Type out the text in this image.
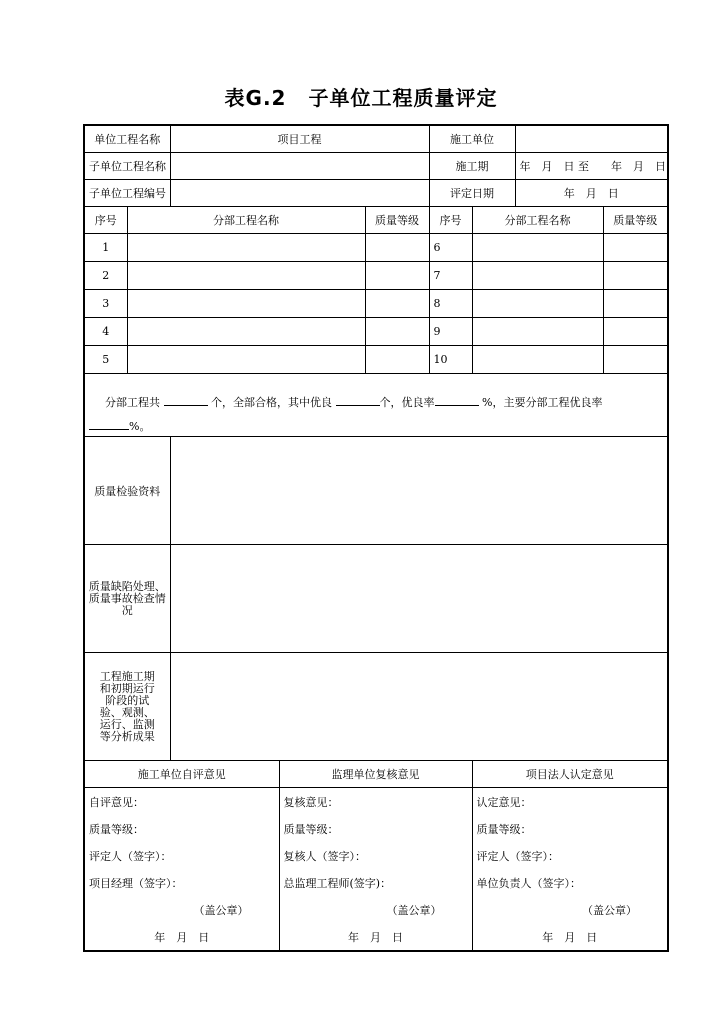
表G.2 子单位工程质量评定
单位工程名称		项目工程			施工单位			
子单位工程名称					施工期		年　月　日 至　　年　月　日	
子单位工程编号					评定日期		年　月　日	
序号	分部工程名称			质量等级	序号	分部工程名称		质量等级
1					6			
2					7			
3					8			
4					9			
5					10			

分部工程共 个，全部合格，其中优良 个，优良率 %，主要分部工程优良率
%。								

质量检验资料								
质量缺陷处理、质量事故检查情况								
工程施工期和初期运行阶段的试验、观测、运行、监测等分析成果								
施工单位自评意见			监理单位复核意见			项目法人认定意见		
自评意见：			复核意见：			认定意见：		
质量等级：			质量等级：			质量等级：		
评定人（签字）：			复核人（签字）：			评定人（签字）：		
项目经理（签字）：			总监理工程师(签字)：			单位负责人（签字）：		
（盖公章）			（盖公章）			（盖公章）		
年　月　日			年　月　日			年　月　日		
